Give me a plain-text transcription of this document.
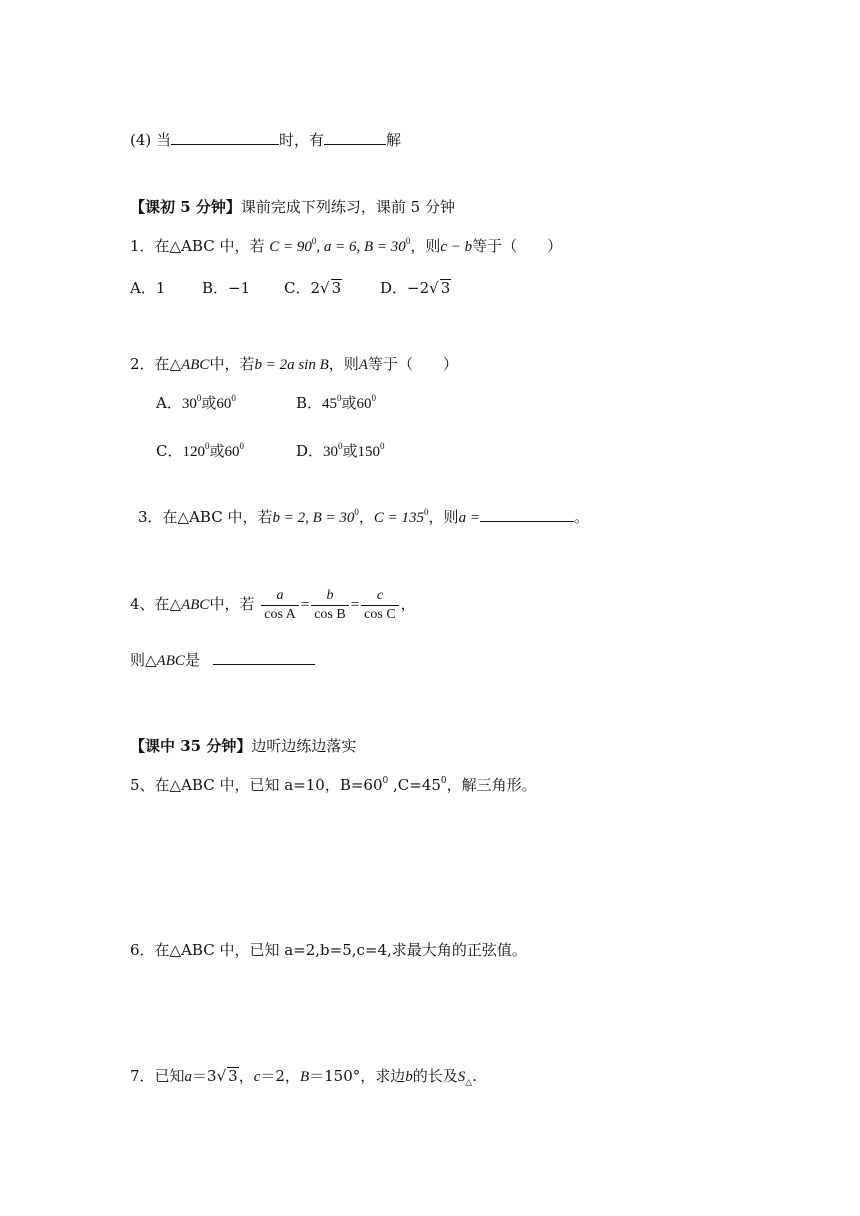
(4) 当	时，有	解
【课初 5 分钟】课前完成下列练习，课前 5 分钟
1．在△ABC 中，若 $C = 90^0$, a = 6, $B = 30^0$，则c − b等于（　　）
A．1 B．−1 C．2√ 3	D．−2√ 3
2．在△ABC中，若b = 2a sin B，则A等于（　　）
A．$30^0$或$60^0$	B．$45^0$或$60^0$
C．$120^0$或$60^0$	D．$30^0$或$150^0$
3．在△ABC 中，若b = 2, $B = 30^0$，$C = 135^0$，则a =	。
4、在△ABC中，若 $\frac{a}{\text{cos A}} = \frac{b}{\text{cos B}} = \frac{c}{\text{cos C}}$ ，
则△ABC是
【课中 35 分钟】边听边练边落实
5、在△ABC 中，已知 a=10，$B=60^0$ $,C=45^0$，解三角形。
6．在△ABC 中，已知 a=2,b=5,c=4,求最大角的正弦值。
7．已知a＝3√ 3，c＝2，B＝150°，求边b的长及$S_\triangle$.
